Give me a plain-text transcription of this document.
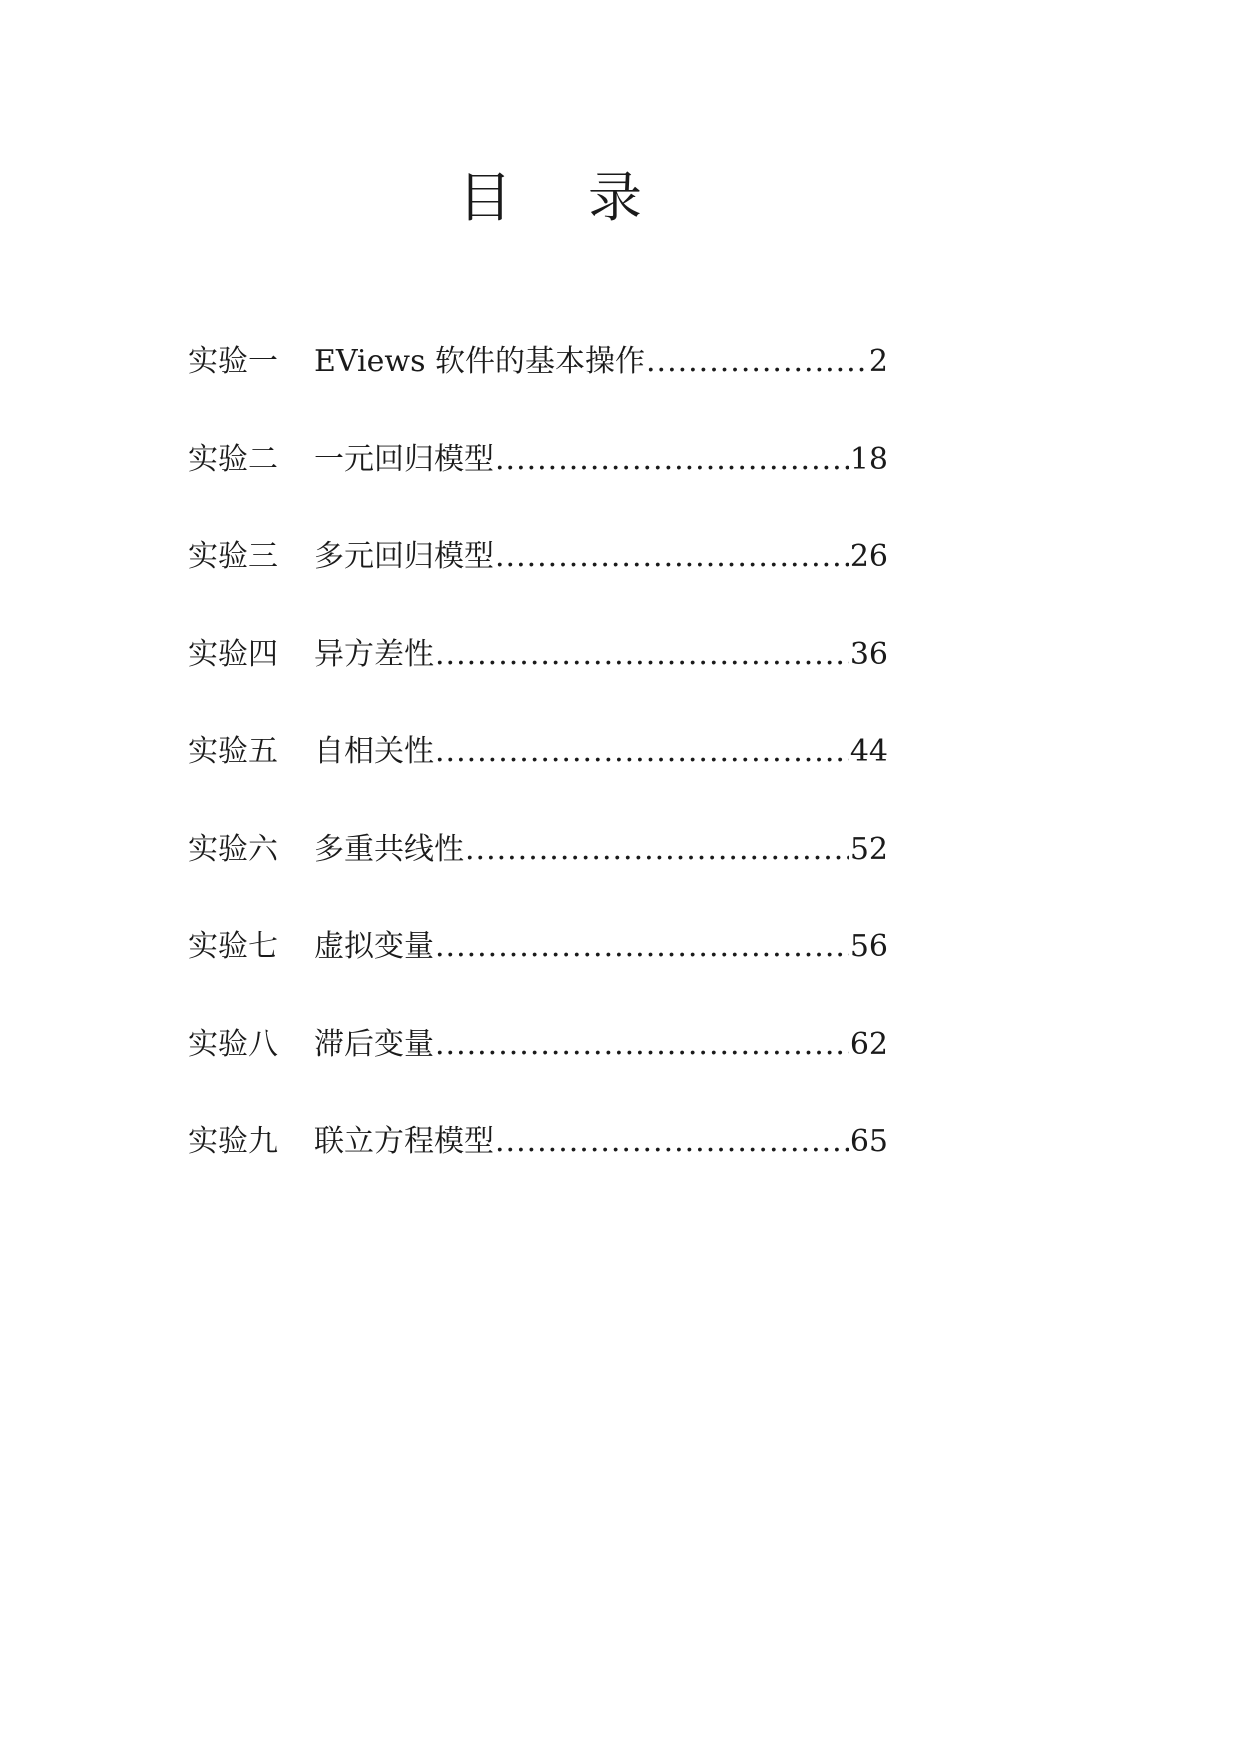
目 录
实验一	EViews 软件的基本操作 .....	2
实验二	一元回归模型 .....	18
实验三	多元回归模型 .....	26
实验四	异方差性 .....	36
实验五	自相关性 .....	44
实验六	多重共线性 .....	52
实验七	虚拟变量 .....	56
实验八	滞后变量 .....	62
实验九	联立方程模型 .....	65
